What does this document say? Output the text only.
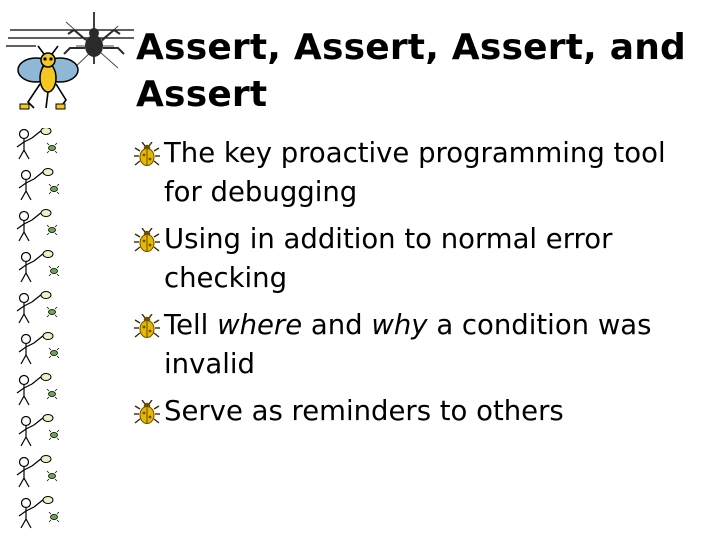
Assert, Assert, Assert, and Assert
The key proactive programming tool for debugging
Using in addition to normal error checking
Tell where and why a condition was invalid
Serve as reminders to others
